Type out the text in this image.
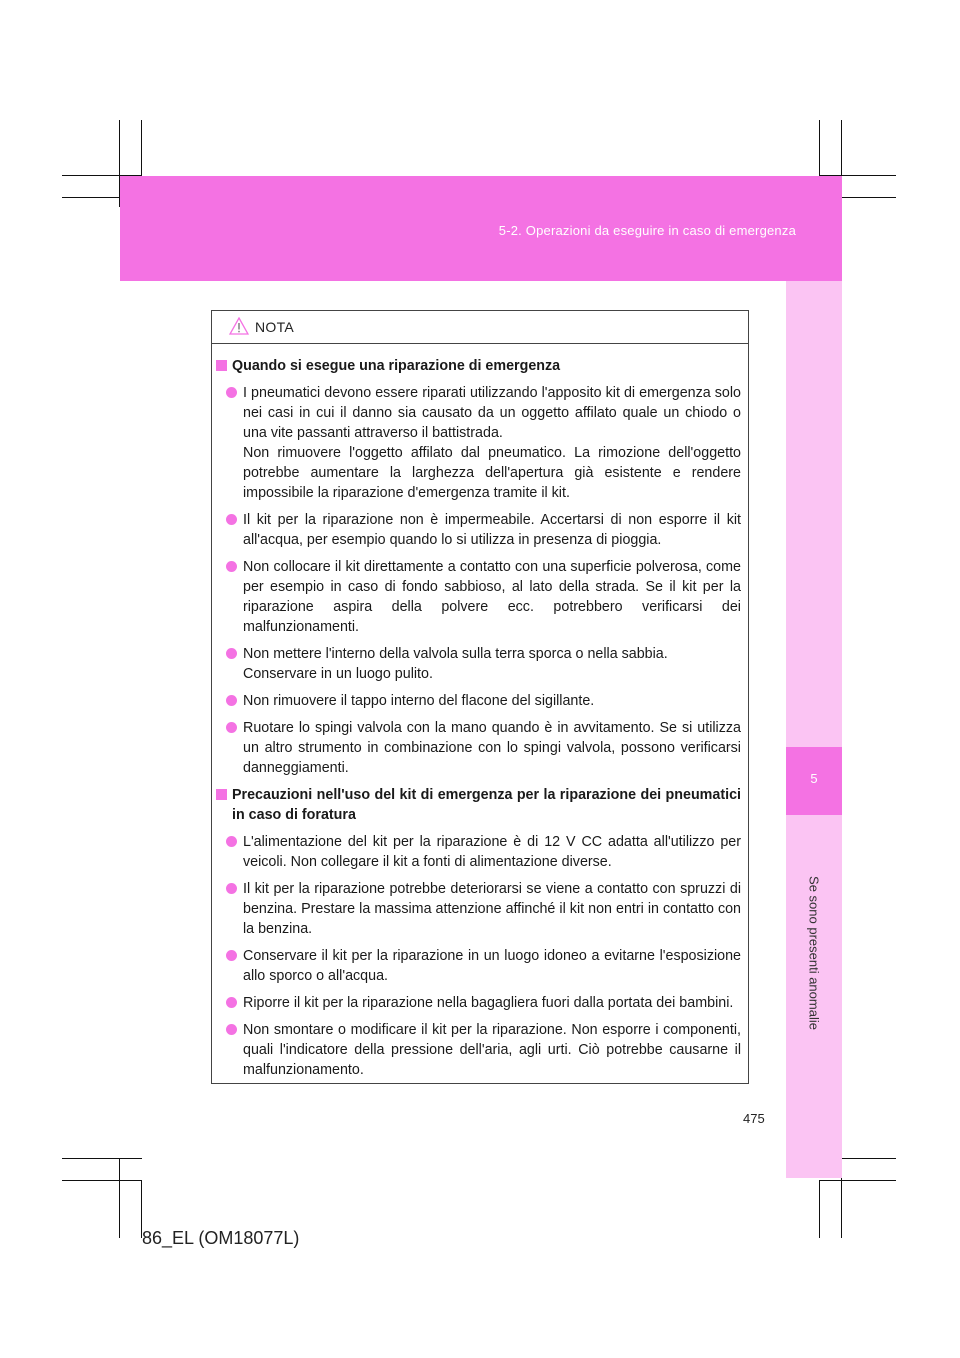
5-2. Operazioni da eseguire in caso di emergenza
5
Se sono presenti anomalie
NOTA
Quando si esegue una riparazione di emergenza

I pneumatici devono essere riparati utilizzando l'apposito kit di emergenza solo nei casi in cui il danno sia causato da un oggetto affilato quale un chiodo o una vite passanti attraverso il battistrada.

Non rimuovere l'oggetto affilato dal pneumatico. La rimozione dell'oggetto potrebbe aumentare la larghezza dell'apertura già esistente e rendere impossibile la riparazione d'emergenza tramite il kit.

Il kit per la riparazione non è impermeabile. Accertarsi di non esporre il kit all'acqua, per esempio quando lo si utilizza in presenza di pioggia.

Non collocare il kit direttamente a contatto con una superficie polverosa, come per esempio in caso di fondo sabbioso, al lato della strada. Se il kit per la riparazione aspira della polvere ecc. potrebbero verificarsi dei malfunzionamenti.

Non mettere l'interno della valvola sulla terra sporca o nella sabbia.

Conservare in un luogo pulito.

Non rimuovere il tappo interno del flacone del sigillante.

Ruotare lo spingi valvola con la mano quando è in avvitamento. Se si utilizza un altro strumento in combinazione con lo spingi valvola, possono verificarsi danneggiamenti.

Precauzioni nell'uso del kit di emergenza per la riparazione dei pneumatici in caso di foratura

L'alimentazione del kit per la riparazione è di 12 V CC adatta all'utilizzo per veicoli. Non collegare il kit a fonti di alimentazione diverse.

Il kit per la riparazione potrebbe deteriorarsi se viene a contatto con spruzzi di benzina. Prestare la massima attenzione affinché il kit non entri in contatto con la benzina.

Conservare il kit per la riparazione in un luogo idoneo a evitarne l'esposizione allo sporco o all'acqua.

Riporre il kit per la riparazione nella bagagliera fuori dalla portata dei bambini.

Non smontare o modificare il kit per la riparazione. Non esporre i componenti, quali l'indicatore della pressione dell'aria, agli urti. Ciò potrebbe causarne il malfunzionamento.

475
86_EL (OM18077L)
